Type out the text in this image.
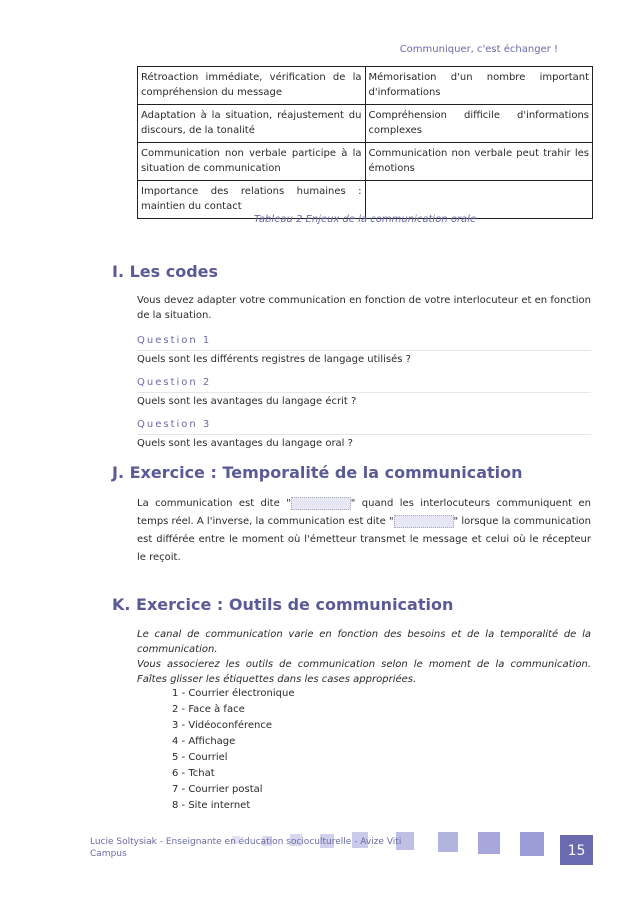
Communiquer, c'est échanger !
Rétroaction immédiate, vérification de la compréhension du message	Mémorisation d'un nombre important d'informations
Adaptation à la situation, réajustement du discours, de la tonalité	Compréhension difficile d'informations complexes
Communication non verbale participe à la situation de communication	Communication non verbale peut trahir les émotions
Importance des relations humaines : maintien du contact	
Tableau 2 Enjeux de la communication orale
I. Les codes
Vous devez adapter votre communication en fonction de votre interlocuteur et en fonction de la situation.
Question 1
Quels sont les différents registres de langage utilisés ?
Question 2
Quels sont les avantages du langage écrit ?
Question 3
Quels sont les avantages du langage oral ?
J. Exercice : Temporalité de la communication
La communication est dite "	" quand les interlocuteurs communiquent en temps réel. A l'inverse, la communication est dite "	" lorsque la communication est différée entre le moment où l'émetteur transmet le message et celui où le récepteur le reçoit.
K. Exercice : Outils de communication
Le canal de communication varie en fonction des besoins et de la temporalité de la communication.
Vous associerez les outils de communication selon le moment de la communication. Faîtes glisser les étiquettes dans les cases appropriées.
1 - Courrier électronique
2 - Face à face
3 - Vidéoconférence
4 - Affichage
5 - Courriel
6 - Tchat
7 - Courrier postal
8 - Site internet
Lucie Soltysiak - Enseignante en éducation socioculturelle - Avize Viti Campus	15
